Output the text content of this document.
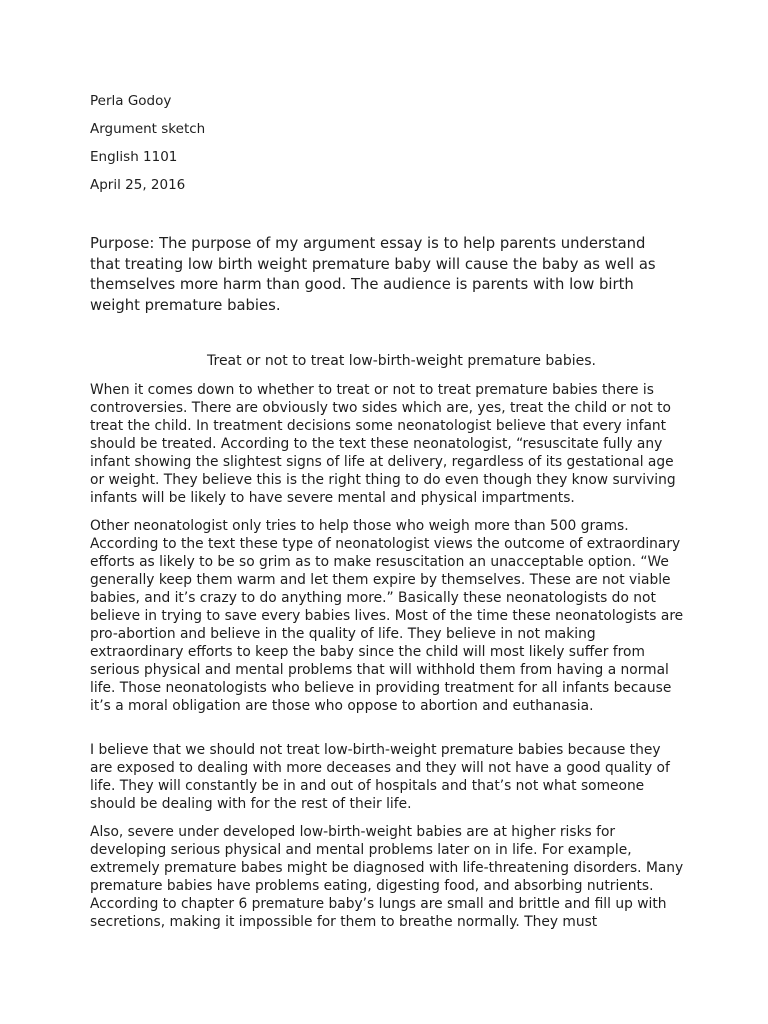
Perla Godoy
Argument sketch
English 1101
April 25, 2016

Purpose: The purpose of my argument essay is to help parents understand that treating low birth weight premature baby will cause the baby as well as themselves more harm than good. The audience is parents with low birth weight premature babies.

Treat or not to treat low-birth-weight premature babies.

When it comes down to whether to treat or not to treat premature babies there is controversies. There are obviously two sides which are, yes, treat the child or not to treat the child. In treatment decisions some neonatologist believe that every infant should be treated. According to the text these neonatologist, “resuscitate fully any infant showing the slightest signs of life at delivery, regardless of its gestational age or weight. They believe this is the right thing to do even though they know surviving infants will be likely to have severe mental and physical impartments.

Other neonatologist only tries to help those who weigh more than 500 grams. According to the text these type of neonatologist views the outcome of extraordinary efforts as likely to be so grim as to make resuscitation an unacceptable option. “We generally keep them warm and let them expire by themselves. These are not viable babies, and it’s crazy to do anything more.” Basically these neonatologists do not believe in trying to save every babies lives. Most of the time these neonatologists are pro-abortion and believe in the quality of life. They believe in not making extraordinary efforts to keep the baby since the child will most likely suffer from serious physical and mental problems that will withhold them from having a normal life. Those neonatologists who believe in providing treatment for all infants because it’s a moral obligation are those who oppose to abortion and euthanasia.

I believe that we should not treat low-birth-weight premature babies because they are exposed to dealing with more deceases and they will not have a good quality of life. They will constantly be in and out of hospitals and that’s not what someone should be dealing with for the rest of their life.

Also, severe under developed low-birth-weight babies are at higher risks for developing serious physical and mental problems later on in life. For example, extremely premature babes might be diagnosed with life-threatening disorders. Many premature babies have problems eating, digesting food, and absorbing nutrients. According to chapter 6 premature baby’s lungs are small and brittle and fill up with secretions, making it impossible for them to breathe normally. They must
